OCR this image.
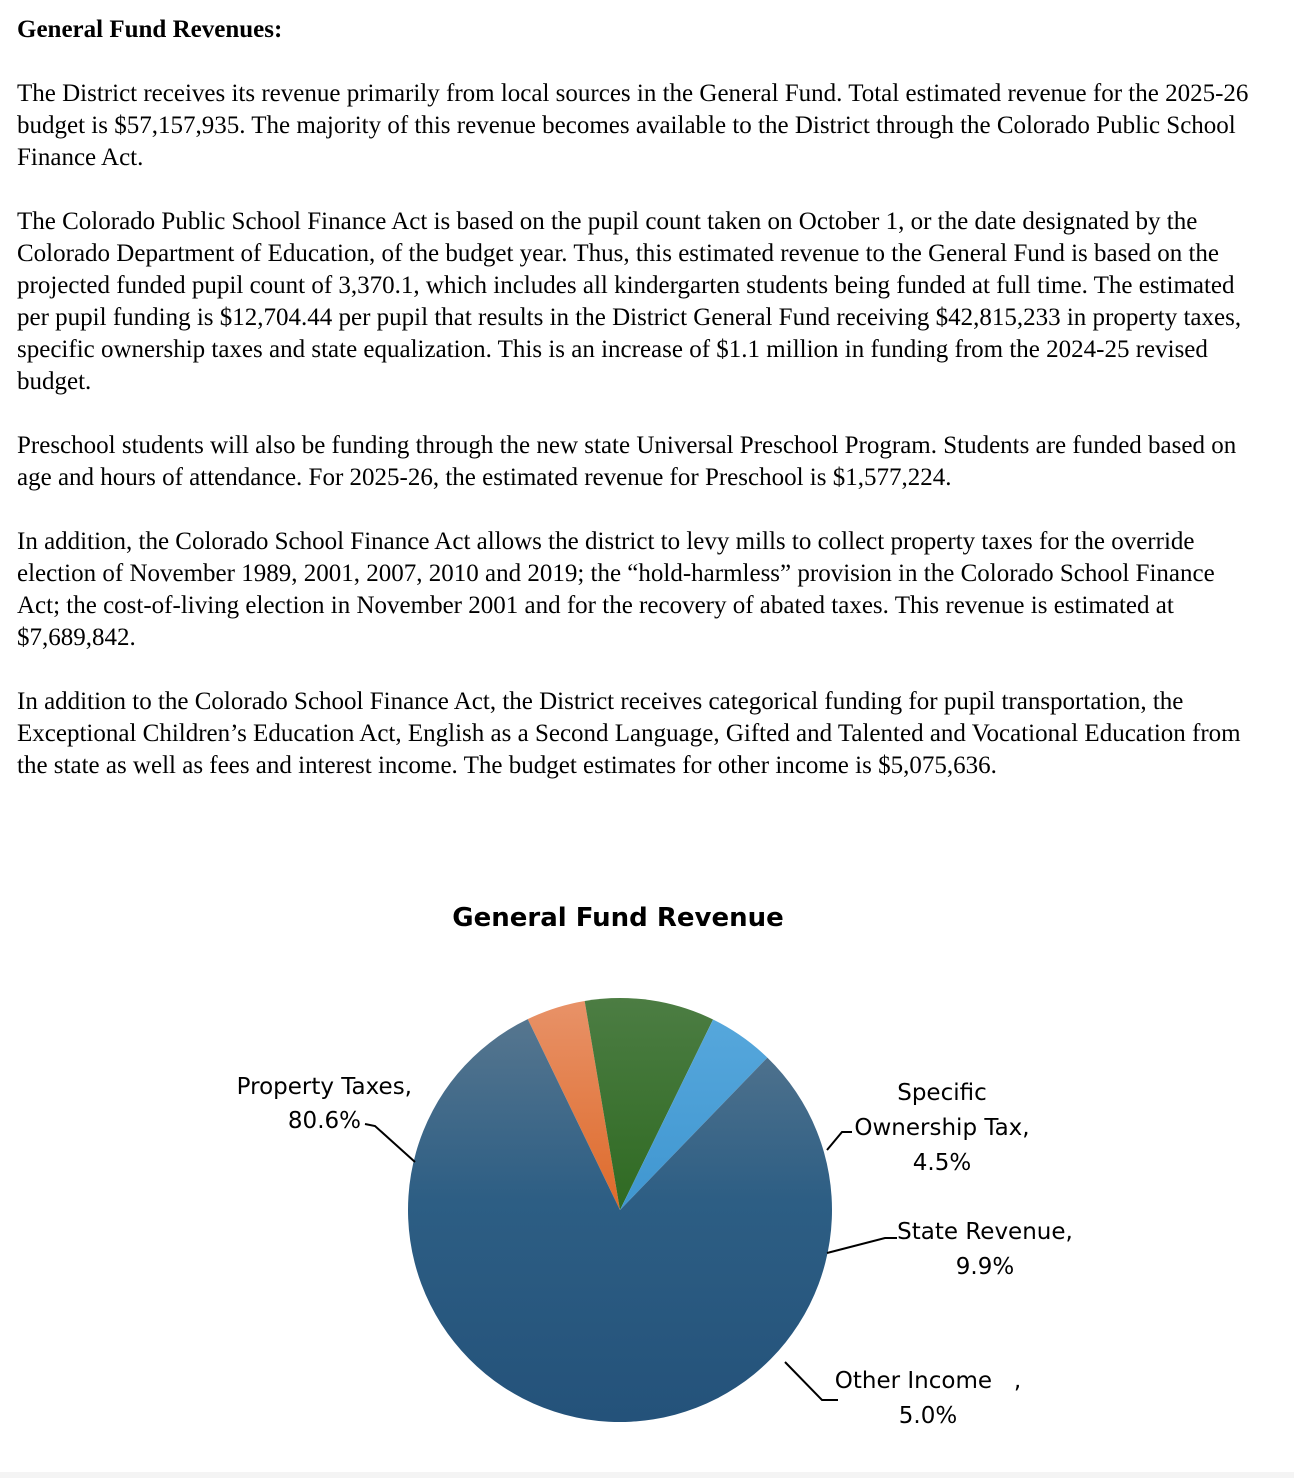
General Fund Revenues:

The District receives its revenue primarily from local sources in the General Fund. Total estimated revenue for the 2025-26 budget is $57,157,935. The majority of this revenue becomes available to the District through the Colorado Public School Finance Act.

The Colorado Public School Finance Act is based on the pupil count taken on October 1, or the date designated by the Colorado Department of Education, of the budget year. Thus, this estimated revenue to the General Fund is based on the projected funded pupil count of 3,370.1, which includes all kindergarten students being funded at full time. The estimated per pupil funding is $12,704.44 per pupil that results in the District General Fund receiving $42,815,233 in property taxes, specific ownership taxes and state equalization. This is an increase of $1.1 million in funding from the 2024-25 revised budget.

Preschool students will also be funding through the new state Universal Preschool Program. Students are funded based on age and hours of attendance. For 2025-26, the estimated revenue for Preschool is $1,577,224.

In addition, the Colorado School Finance Act allows the district to levy mills to collect property taxes for the override election of November 1989, 2001, 2007, 2010 and 2019; the “hold-harmless” provision in the Colorado School Finance Act; the cost-of-living election in November 2001 and for the recovery of abated taxes. This revenue is estimated at $7,689,842.

In addition to the Colorado School Finance Act, the District receives categorical funding for pupil transportation, the Exceptional Children’s Education Act, English as a Second Language, Gifted and Talented and Vocational Education from the state as well as fees and interest income. The budget estimates for other income is $5,075,636.

General Fund Revenue
Property Taxes,
80.6%
Specific
Ownership Tax,
4.5%
State Revenue,
9.9%
Other Income   ,
5.0%
